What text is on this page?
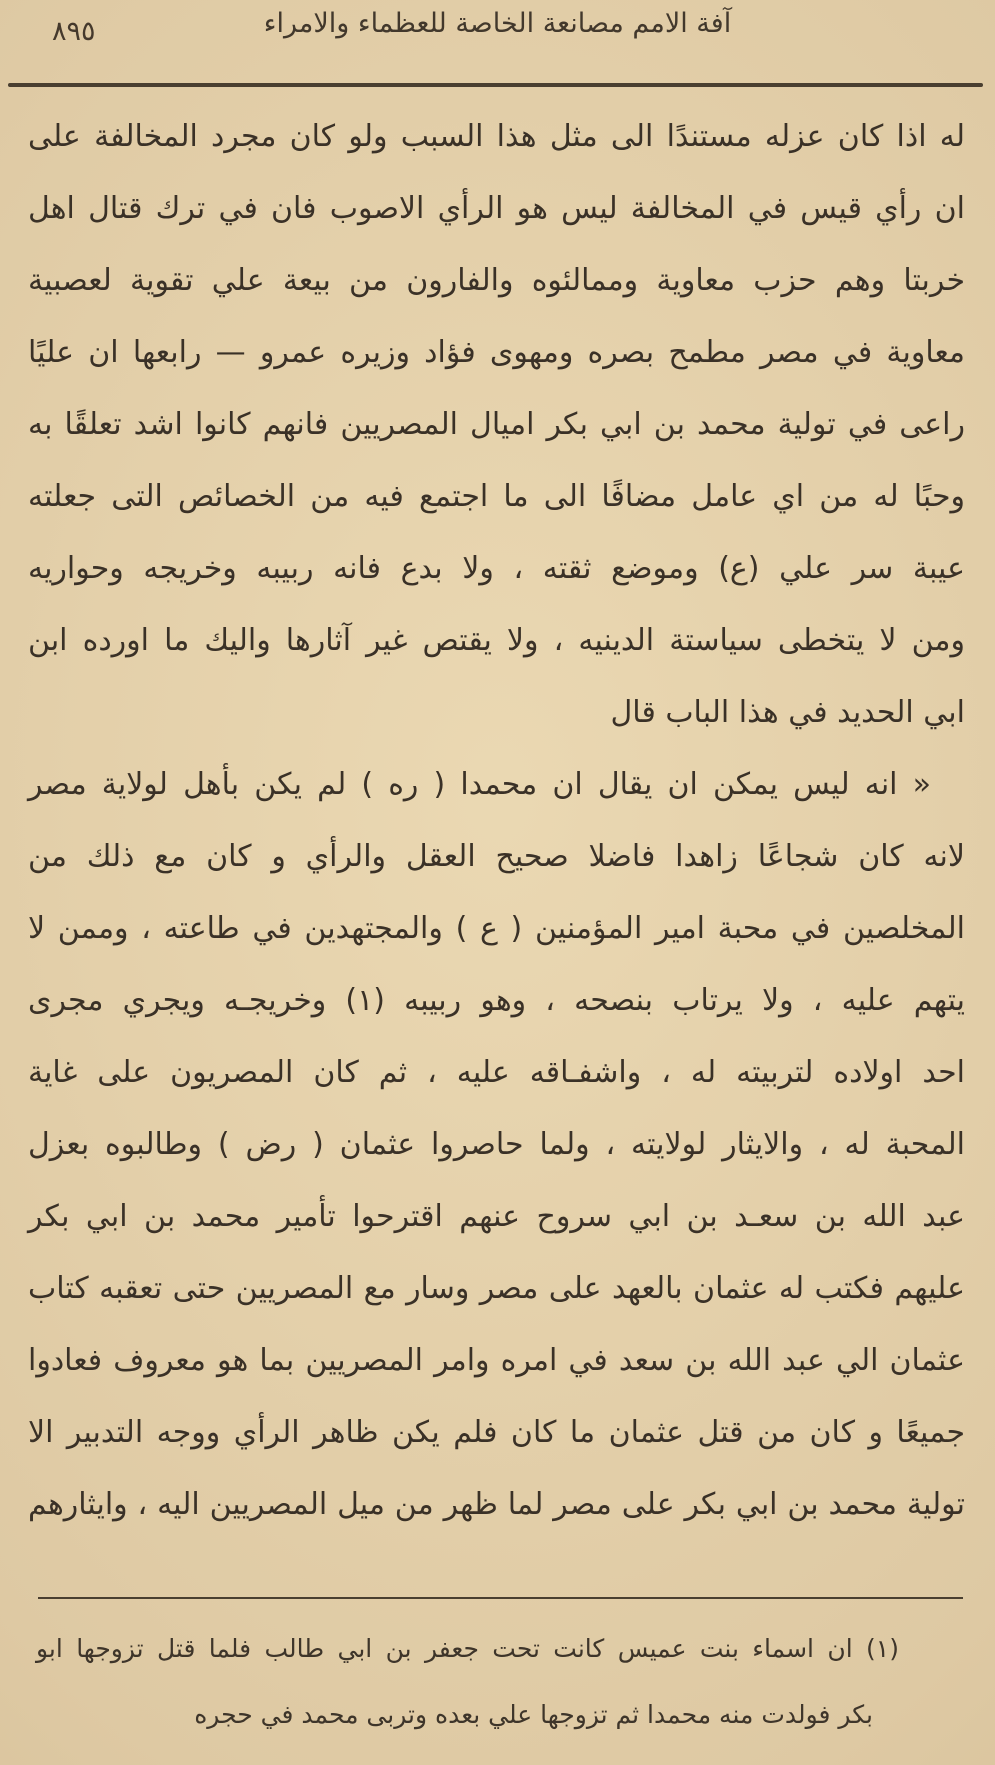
٨٩٥	آفة الامم مصانعة الخاصة للعظماء والامراء
له اذا كان عزله مستندًا الى مثل هذا السبب ولو كان مجرد المخالفة على
ان رأي قيس في المخالفة ليس هو الرأي الاصوب فان في ترك قتال اهل
خربتا وهم حزب معاوية وممالئوه والفارون من بيعة علي تقوية لعصبية
معاوية في مصر مطمح بصره ومهوى فؤاد وزيره عمرو — رابعها ان عليًا
راعى في تولية محمد بن ابي بكر اميال المصريين فانهم كانوا اشد تعلقًا به
وحبًا له من اي عامل مضافًا الى ما اجتمع فيه من الخصائص التى جعلته
عيبة سر علي (ع) وموضع ثقته ، ولا بدع فانه ربيبه وخريجه وحواريه
ومن لا يتخطى سياستة الدينيه ، ولا يقتص غير آثارها واليك ما اورده ابن
ابي الحديد في هذا الباب قال
« انه ليس يمكن ان يقال ان محمدا ( ره ) لم يكن بأهل لولاية مصر
لانه كان شجاعًا زاهدا فاضلا صحيح العقل والرأي و كان مع ذلك من
المخلصين في محبة امير المؤمنين ( ع ) والمجتهدين في طاعته ، وممن لا
يتهم عليه ، ولا يرتاب بنصحه ، وهو ربيبه (١) وخريجـه ويجري مجرى
احد اولاده لتربيته له ، واشفـاقه عليه ، ثم كان المصريون على غاية
المحبة له ، والايثار لولايته ، ولما حاصروا عثمان ( رض ) وطالبوه بعزل
عبد الله بن سعـد بن ابي سروح عنهم اقترحوا تأمير محمد بن ابي بكر
عليهم فكتب له عثمان بالعهد على مصر وسار مع المصريين حتى تعقبه كتاب
عثمان الي عبد الله بن سعد في امره وامر المصريين بما هو معروف فعادوا
جميعًا و كان من قتل عثمان ما كان فلم يكن ظاهر الرأي ووجه التدبير الا
تولية محمد بن ابي بكر على مصر لما ظهر من ميل المصريين اليه ، وايثارهم
(١) ان اسماء بنت عميس كانت تحت جعفر بن ابي طالب فلما قتل تزوجها ابو
بكر فولدت منه محمدا ثم تزوجها علي بعده وتربى محمد في حجره
